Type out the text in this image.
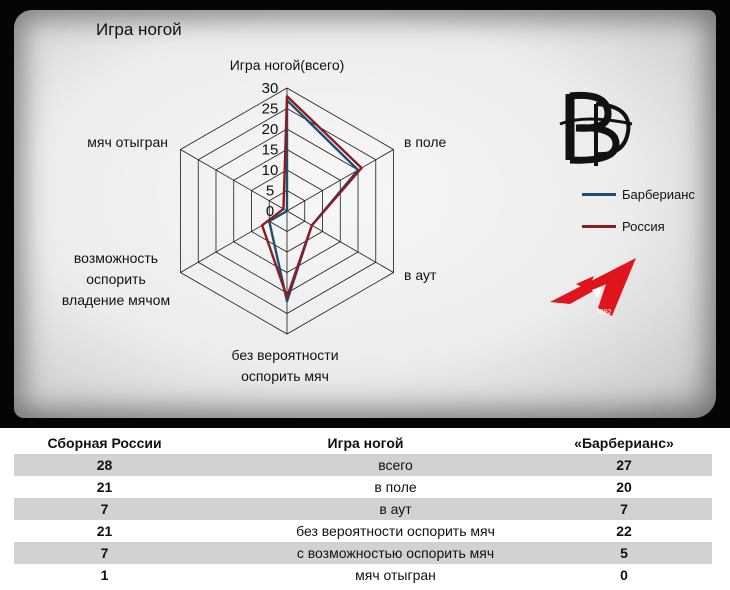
0
5
10
15
20
25
30
Игра ногой(всего)
в поле
в аут
без вероятности
оспорить мяч
возможность
оспорить
владение мячом
мяч отыгран
Игра ногой
Барберианс
Россия
1892
Сборная России	Игра ногой	«Барберианс»
28	всего	27
21	в поле	20
7	в аут	7
21	без вероятности оспорить мяч	22
7	с возможностью оспорить мяч	5
1	мяч отыгран	0
